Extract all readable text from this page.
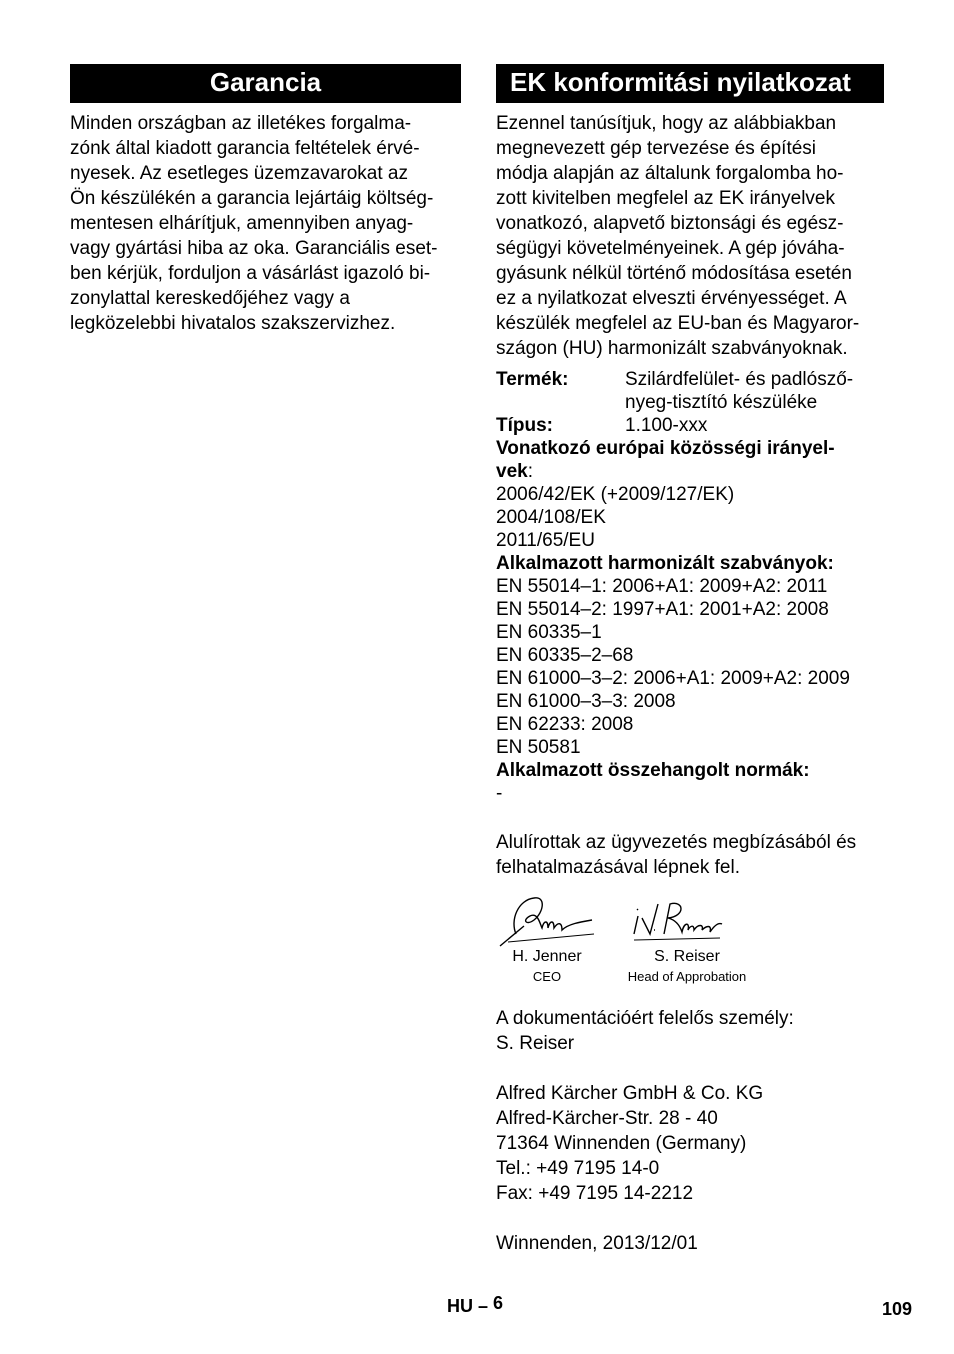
Garancia

Minden országban az illetékes forgalma-
zónk által kiadott garancia feltételek érvé-
nyesek. Az esetleges üzemzavarokat az
Ön készülékén a garancia lejártáig költség-
mentesen elhárítjuk, amennyiben anyag-
vagy gyártási hiba az oka. Garanciális eset-
ben kérjük, forduljon a vásárlást igazoló bi-
zonylattal kereskedőjéhez vagy a
legközelebbi hivatalos szakszervizhez.

EK konformitási nyilatkozat

Ezennel tanúsítjuk, hogy az alábbiakban
megnevezett gép tervezése és építési
módja alapján az általunk forgalomba ho-
zott kivitelben megfelel az EK irányelvek
vonatkozó, alapvető biztonsági és egész-
ségügyi követelményeinek. A gép jóváha-
gyásunk nélkül történő módosítása esetén
ez a nyilatkozat elveszti érvényességet. A
készülék megfelel az EU-ban és Magyaror-
szágon (HU) harmonizált szabványoknak.

Termék:	Szilárdfelület- és padlósző-
nyeg-tisztító készüléke
Típus:	1.100-xxx
Vonatkozó európai közösségi irányel-
vek:
2006/42/EK (+2009/127/EK)
2004/108/EK
2011/65/EU
Alkalmazott harmonizált szabványok:
EN 55014–1: 2006+A1: 2009+A2: 2011
EN 55014–2: 1997+A1: 2001+A2: 2008
EN 60335–1
EN 60335–2–68
EN 61000–3–2: 2006+A1: 2009+A2: 2009
EN 61000–3–3: 2008
EN 62233: 2008
EN 50581
Alkalmazott összehangolt normák:
-
Alulírottak az ügyvezetés megbízásából és
felhatalmazásával lépnek fel.
H. Jenner
CEO
S. Reiser
Head of Approbation
A dokumentációért felelős személy:
S. Reiser
Alfred Kärcher GmbH & Co. KG
Alfred-Kärcher-Str. 28 - 40
71364 Winnenden (Germany)
Tel.: +49 7195 14-0
Fax: +49 7195 14-2212
Winnenden, 2013/12/01
HU – 6	109
